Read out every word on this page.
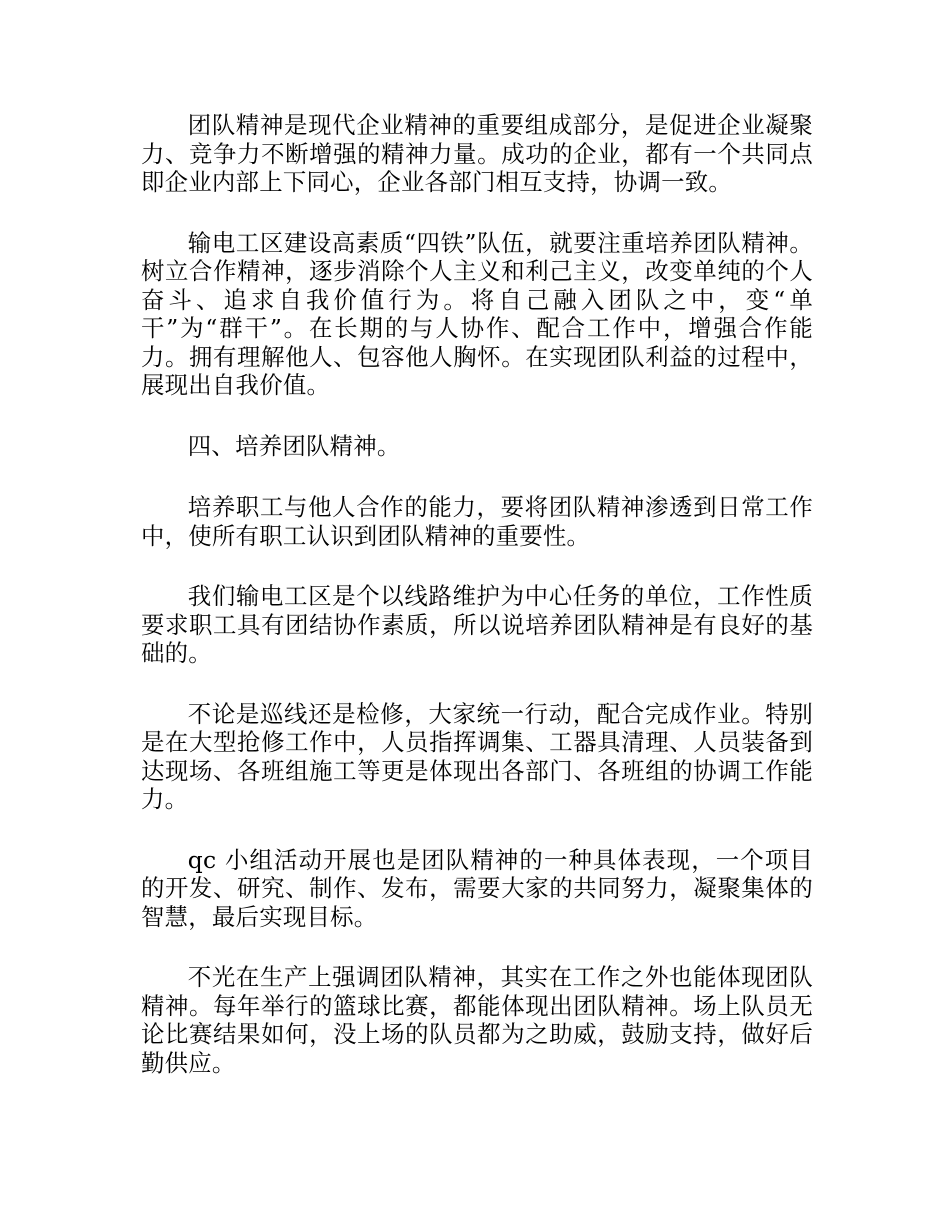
团队精神是现代企业精神的重要组成部分，是促进企业凝聚力、竞争力不断增强的精神力量。成功的企业，都有一个共同点即企业内部上下同心，企业各部门相互支持，协调一致。

输电工区建设高素质“四铁”队伍，就要注重培养团队精神。树立合作精神，逐步消除个人主义和利己主义，改变单纯的个人奋斗、追求自我价值行为。将自己融入团队之中，变“单干”为“群干”。在长期的与人协作、配合工作中，增强合作能力。拥有理解他人、包容他人胸怀。在实现团队利益的过程中，展现出自我价值。

四、培养团队精神。

培养职工与他人合作的能力，要将团队精神渗透到日常工作中，使所有职工认识到团队精神的重要性。

我们输电工区是个以线路维护为中心任务的单位，工作性质要求职工具有团结协作素质，所以说培养团队精神是有良好的基础的。

不论是巡线还是检修，大家统一行动，配合完成作业。特别是在大型抢修工作中，人员指挥调集、工器具清理、人员装备到达现场、各班组施工等更是体现出各部门、各班组的协调工作能力。

qc 小组活动开展也是团队精神的一种具体表现，一个项目的开发、研究、制作、发布，需要大家的共同努力，凝聚集体的智慧，最后实现目标。

不光在生产上强调团队精神，其实在工作之外也能体现团队精神。每年举行的篮球比赛，都能体现出团队精神。场上队员无论比赛结果如何，没上场的队员都为之助威，鼓励支持，做好后勤供应。
